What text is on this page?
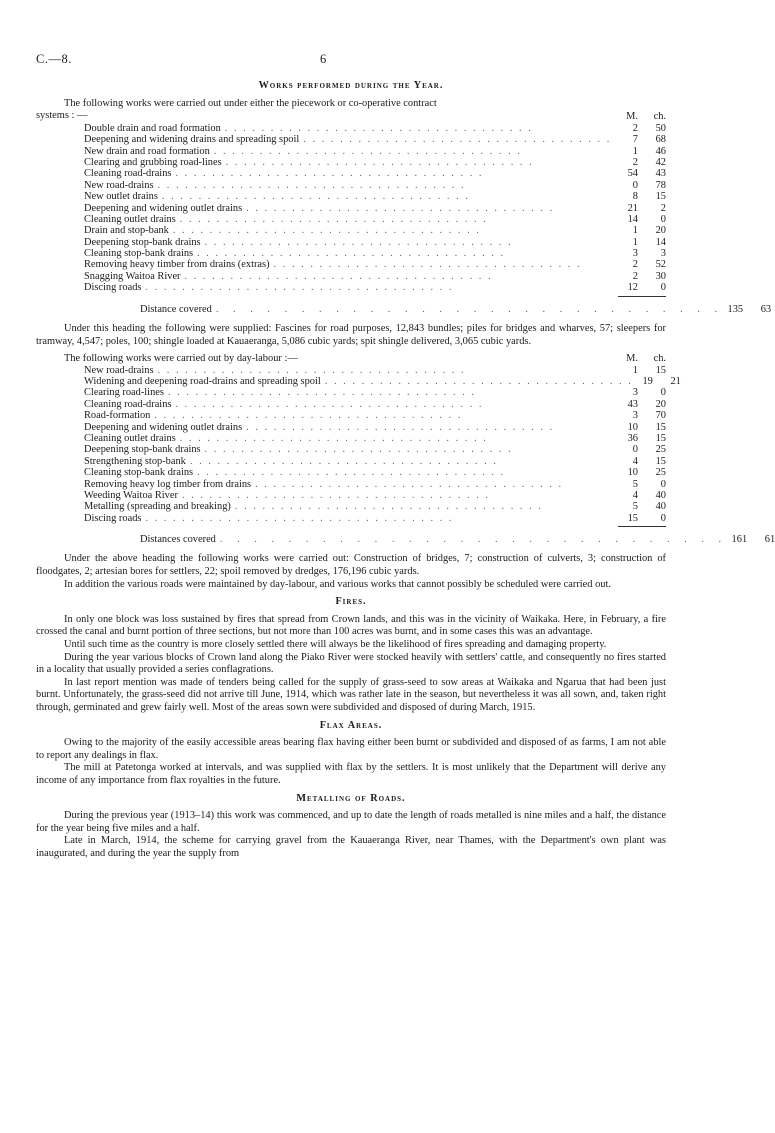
C.—8.	6
Works performed during the Year.

The following works were carried out under either the piecework or co-operative contract

systems : —	M.	ch.
Double drain and road formation . . . . . . . . . . . . . . . . . . . . . . . . . . . . . . . . . .	2	50
Deepening and widening drains and spreading spoil . . . . . . . . . . . . . . . . . . . . . . . . . . . . . . . . . .	7	68
New drain and road formation . . . . . . . . . . . . . . . . . . . . . . . . . . . . . . . . . .	1	46
Clearing and grubbing road-lines . . . . . . . . . . . . . . . . . . . . . . . . . . . . . . . . . .	2	42
Cleaning road-drains . . . . . . . . . . . . . . . . . . . . . . . . . . . . . . . . . .	54	43
New road-drains . . . . . . . . . . . . . . . . . . . . . . . . . . . . . . . . . .	0	78
New outlet drains . . . . . . . . . . . . . . . . . . . . . . . . . . . . . . . . . .	8	15
Deepening and widening outlet drains . . . . . . . . . . . . . . . . . . . . . . . . . . . . . . . . . .	21	2
Cleaning outlet drains . . . . . . . . . . . . . . . . . . . . . . . . . . . . . . . . . .	14	0
Drain and stop-bank . . . . . . . . . . . . . . . . . . . . . . . . . . . . . . . . . .	1	20
Deepening stop-bank drains . . . . . . . . . . . . . . . . . . . . . . . . . . . . . . . . . .	1	14
Cleaning stop-bank drains . . . . . . . . . . . . . . . . . . . . . . . . . . . . . . . . . .	3	3
Removing heavy timber from drains (extras) . . . . . . . . . . . . . . . . . . . . . . . . . . . . . . . . . .	2	52
Snagging Waitoa River . . . . . . . . . . . . . . . . . . . . . . . . . . . . . . . . . .	2	30
Discing roads . . . . . . . . . . . . . . . . . . . . . . . . . . . . . . . . . .	12	0
Distance covered . . . . . . . . . . . . . . . . . . . . . . . . . . . . . . 135	63

Under this heading the following were supplied: Fascines for road purposes, 12,843 bundles; piles for bridges and wharves, 57; sleepers for tramway, 4,547; poles, 100; shingle loaded at Kauaeranga, 5,086 cubic yards; spit shingle delivered, 3,065 cubic yards.

The following works were carried out by day-labour :—	M.	ch.
New road-drains . . . . . . . . . . . . . . . . . . . . . . . . . . . . . . . . . .	1	15
Widening and deepening road-drains and spreading spoil . . . . . . . . . . . . . . . . . . . . . . . . . . . . . . . . . . 19	21
Clearing road-lines . . . . . . . . . . . . . . . . . . . . . . . . . . . . . . . . . .	3	0
Cleaning road-drains . . . . . . . . . . . . . . . . . . . . . . . . . . . . . . . . . .	43	20
Road-formation . . . . . . . . . . . . . . . . . . . . . . . . . . . . . . . . . .	3	70
Deepening and widening outlet drains . . . . . . . . . . . . . . . . . . . . . . . . . . . . . . . . . .	10	15
Cleaning outlet drains . . . . . . . . . . . . . . . . . . . . . . . . . . . . . . . . . .	36	15
Deepening stop-bank drains . . . . . . . . . . . . . . . . . . . . . . . . . . . . . . . . . .	0	25
Strengthening stop-bank . . . . . . . . . . . . . . . . . . . . . . . . . . . . . . . . . .	4	15
Cleaning stop-bank drains . . . . . . . . . . . . . . . . . . . . . . . . . . . . . . . . . .	10	25
Removing heavy log timber from drains . . . . . . . . . . . . . . . . . . . . . . . . . . . . . . . . . .	5	0
Weeding Waitoa River . . . . . . . . . . . . . . . . . . . . . . . . . . . . . . . . . .	4	40
Metalling (spreading and breaking) . . . . . . . . . . . . . . . . . . . . . . . . . . . . . . . . . .	5	40
Discing roads . . . . . . . . . . . . . . . . . . . . . . . . . . . . . . . . . .	15	0
Distances covered . . . . . . . . . . . . . . . . . . . . . . . . . . . . . . 161	61

Under the above heading the following works were carried out: Construction of bridges, 7; construction of culverts, 3; construction of floodgates, 2; artesian bores for settlers, 22; spoil removed by dredges, 176,196 cubic yards.

In addition the various roads were maintained by day-labour, and various works that cannot possibly be scheduled were carried out.

Fires.

In only one block was loss sustained by fires that spread from Crown lands, and this was in the vicinity of Waikaka. Here, in February, a fire crossed the canal and burnt portion of three sections, but not more than 100 acres was burnt, and in some cases this was an advantage.

Until such time as the country is more closely settled there will always be the likelihood of fires spreading and damaging property.

During the year various blocks of Crown land along the Piako River were stocked heavily with settlers' cattle, and consequently no fires started in a locality that usually provided a series conflagrations.

In last report mention was made of tenders being called for the supply of grass-seed to sow areas at Waikaka and Ngarua that had been just burnt. Unfortunately, the grass-seed did not arrive till June, 1914, which was rather late in the season, but nevertheless it was all sown, and, taken right through, germinated and grew fairly well. Most of the areas sown were subdivided and disposed of during March, 1915.

Flax Areas.

Owing to the majority of the easily accessible areas bearing flax having either been burnt or subdivided and disposed of as farms, I am not able to report any dealings in flax.

The mill at Patetonga worked at intervals, and was supplied with flax by the settlers. It is most unlikely that the Department will derive any income of any importance from flax royalties in the future.

Metalling of Roads.

During the previous year (1913–14) this work was commenced, and up to date the length of roads metalled is nine miles and a half, the distance for the year being five miles and a half.

Late in March, 1914, the scheme for carrying gravel from the Kauaeranga River, near Thames, with the Department's own plant was inaugurated, and during the year the supply from
